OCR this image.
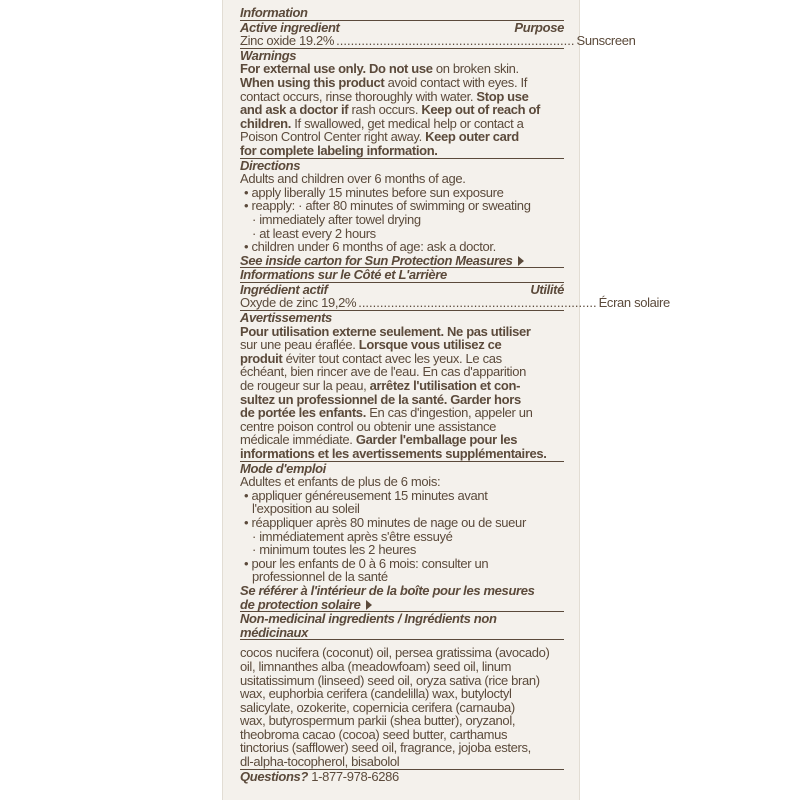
Information
Active ingredient	Purpose
Zinc oxide 19.2% .................................................................. Sunscreen
Warnings
For external use only. Do not use on broken skin.
When using this product avoid contact with eyes. If
contact occurs, rinse thoroughly with water. Stop use
and ask a doctor if rash occurs. Keep out of reach of
children. If swallowed, get medical help or contact a
Poison Control Center right away. Keep outer card
for complete labeling information.
Directions
Adults and children over 6 months of age.
• apply liberally 15 minutes before sun exposure
• reapply: · after 80 minutes of swimming or sweating
· immediately after towel drying
· at least every 2 hours
• children under 6 months of age: ask a doctor.
See inside carton for Sun Protection Measures
Informations sur le Côté et L'arrière
Ingrédient actif	Utilité
Oxyde de zinc 19,2% .................................................................. Écran solaire
Avertissements
Pour utilisation externe seulement. Ne pas utiliser
sur une peau éraflée. Lorsque vous utilisez ce
produit éviter tout contact avec les yeux. Le cas
échéant, bien rincer ave de l'eau. En cas d'apparition
de rougeur sur la peau, arrêtez l'utilisation et con-
sultez un professionnel de la santé. Garder hors
de portée les enfants. En cas d'ingestion, appeler un
centre poison control ou obtenir une assistance
médicale immédiate. Garder l'emballage pour les
informations et les avertissements supplémentaires.
Mode d'emploi
Adultes et enfants de plus de 6 mois:
• appliquer généreusement 15 minutes avant
l'exposition au soleil
• réappliquer après 80 minutes de nage ou de sueur
· immédiatement après s'être essuyé
· minimum toutes les 2 heures
• pour les enfants de 0 à 6 mois: consulter un
professionnel de la santé
Se référer à l'intérieur de la boîte pour les mesures
de protection solaire
Non-medicinal ingredients / Ingrédients non
médicinaux
cocos nucifera (coconut) oil, persea gratissima (avocado)
oil, limnanthes alba (meadowfoam) seed oil, linum
usitatissimum (linseed) seed oil, oryza sativa (rice bran)
wax, euphorbia cerifera (candelilla) wax, butyloctyl
salicylate, ozokerite, copernicia cerifera (carnauba)
wax, butyrospermum parkii (shea butter), oryzanol,
theobroma cacao (cocoa) seed butter, carthamus
tinctorius (safflower) seed oil, fragrance, jojoba esters,
dl-alpha-tocopherol, bisabolol
Questions? 1-877-978-6286
